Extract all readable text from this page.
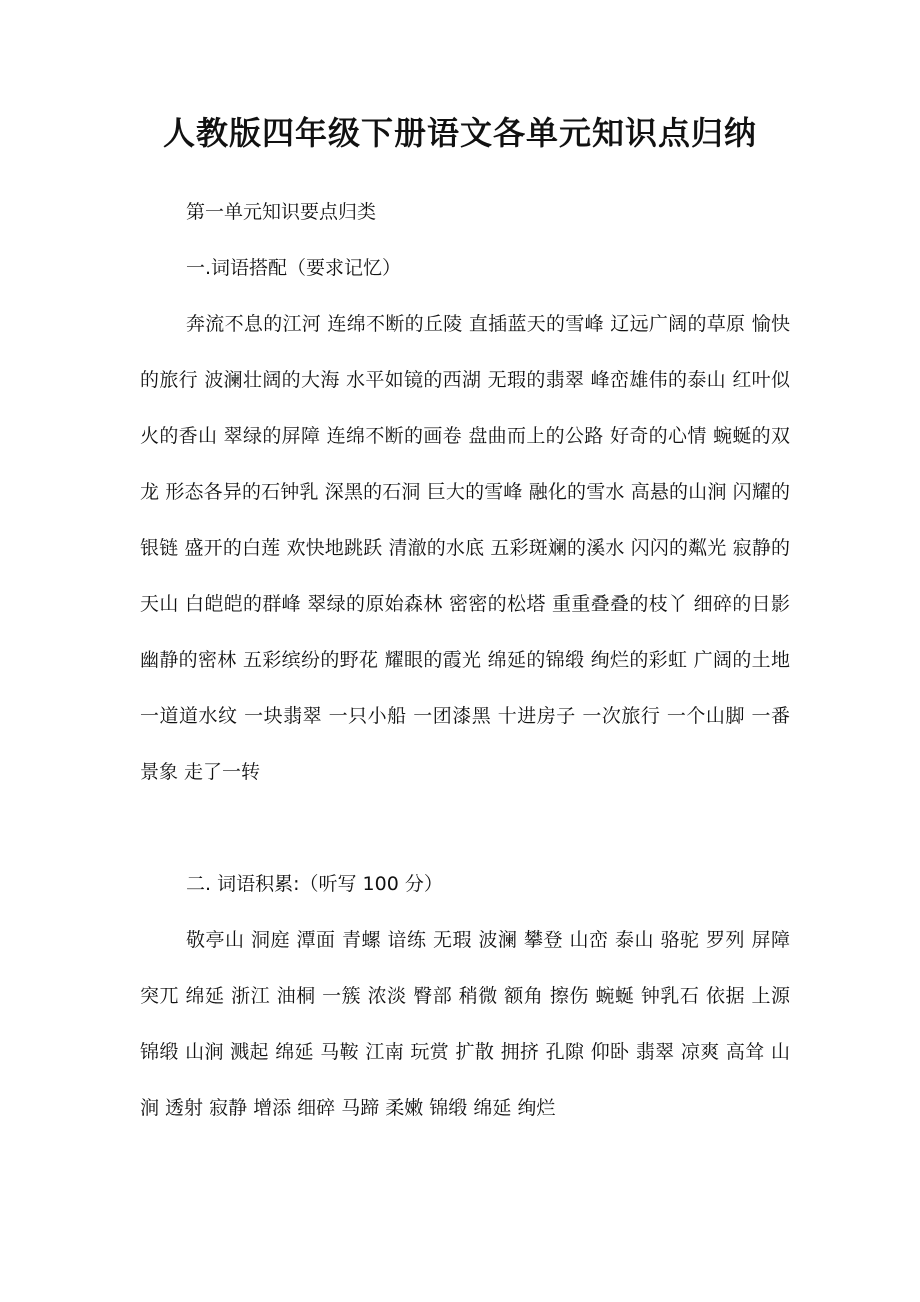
人教版四年级下册语文各单元知识点归纳

第一单元知识要点归类

一.词语搭配（要求记忆）

奔流不息的江河 连绵不断的丘陵 直插蓝天的雪峰 辽远广阔的草原 愉快的旅行 波澜壮阔的大海 水平如镜的西湖 无瑕的翡翠 峰峦雄伟的泰山 红叶似火的香山 翠绿的屏障 连绵不断的画卷 盘曲而上的公路 好奇的心情 蜿蜒的双龙 形态各异的石钟乳 深黑的石洞 巨大的雪峰 融化的雪水 高悬的山涧 闪耀的银链 盛开的白莲 欢快地跳跃 清澈的水底 五彩斑斓的溪水 闪闪的粼光 寂静的天山 白皑皑的群峰 翠绿的原始森林 密密的松塔 重重叠叠的枝丫 细碎的日影 幽静的密林 五彩缤纷的野花 耀眼的霞光 绵延的锦缎 绚烂的彩虹 广阔的土地 一道道水纹 一块翡翠 一只小船 一团漆黑 十进房子 一次旅行 一个山脚 一番景象 走了一转

二. 词语积累:（听写 100 分）

敬亭山 洞庭 潭面 青螺 谙练 无瑕 波澜 攀登 山峦 泰山 骆驼 罗列 屏障 突兀 绵延 浙江 油桐 一簇 浓淡 臀部 稍微 额角 擦伤 蜿蜒 钟乳石 依据 上源 锦缎 山涧 溅起 绵延 马鞍 江南 玩赏 扩散 拥挤 孔隙 仰卧 翡翠 凉爽 高耸 山涧 透射 寂静 增添 细碎 马蹄 柔嫩 锦缎 绵延 绚烂
